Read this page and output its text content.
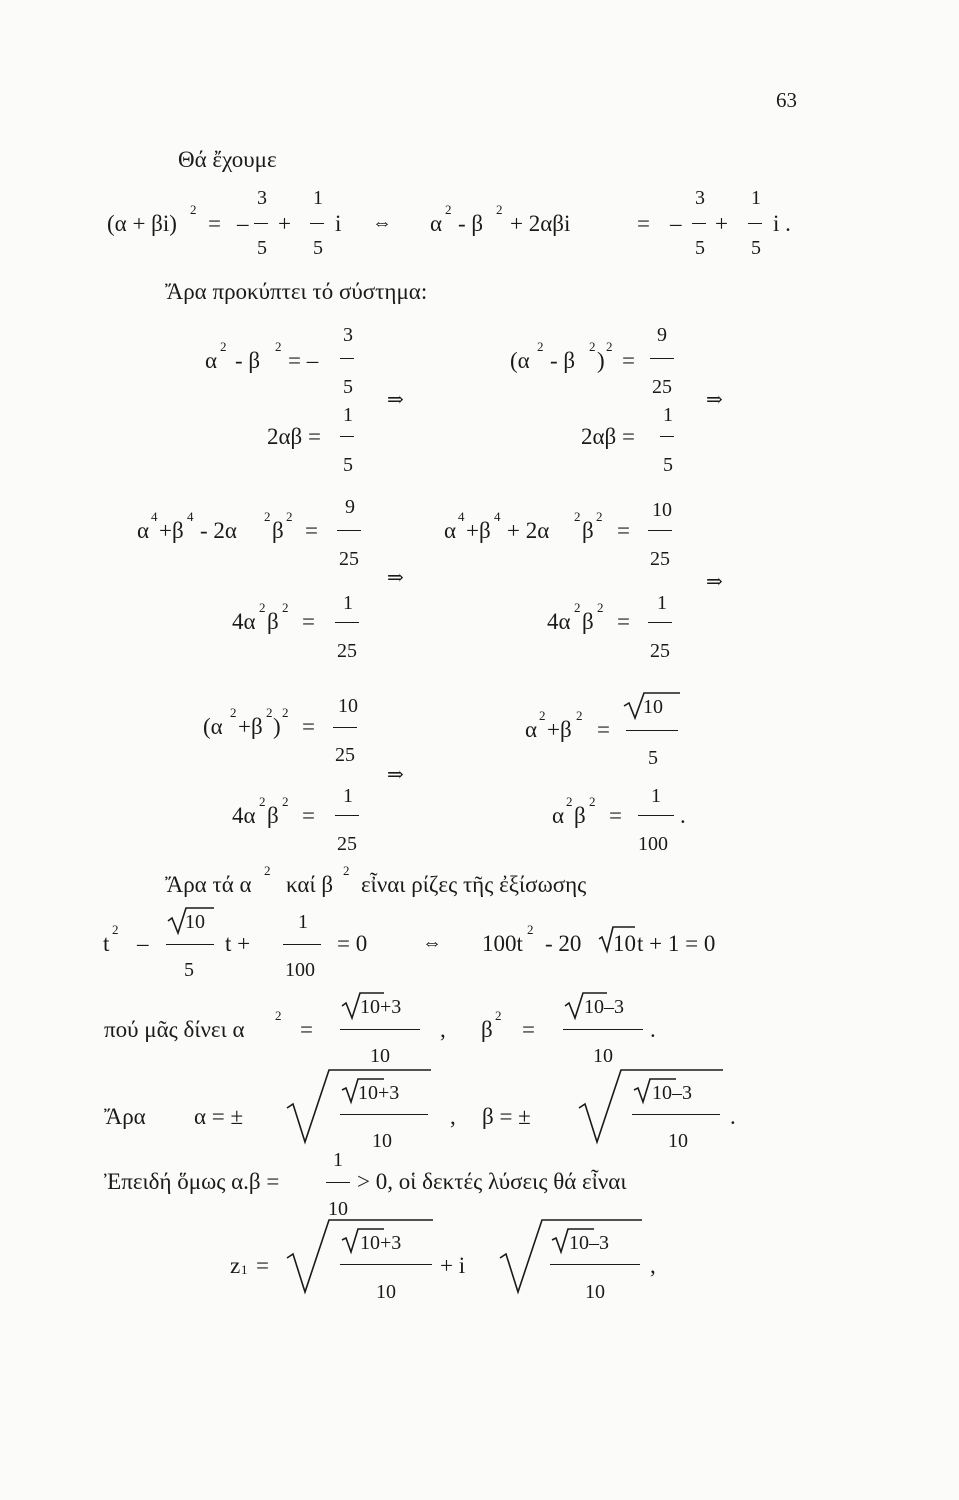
63
Θά ἔχουμε
(α + βi)
2
= –
3
5
+
1
5
i ⇔ α
2
- β
2
+ 2αβi	= –
3
5
+
1
5
i .
Ἄρα προκύπτει τό σύστημα:
α
2
- β
2
= –
3
5
2αβ =
1
5
⇒
(α
2
- β
2
)
2
=
9
25
2αβ =
1
5
⇒
α
4
+β
4
- 2α
2
β
2
=
9
25
4α
2
β
2
=
1
25
⇒
α
4
+β
4
+ 2α
2
β
2
=
10
25
4α
2
β
2
=
1
25
⇒
(α
2
+β
2
)
2
=
10
25
4α
2
β
2
=
1
25
⇒
α
2
+β
2
=
10
5
α
2
β
2
=
1
100
.
Ἄρα τά α
2
καί β
2
εἶναι ρίζες τῆς ἐξίσωσης
t
2
–
10
5
t +
1
100
= 0	⇔ 100t
2
- 20 10 t + 1 = 0
πού μᾶς δίνει α
2
=
10+3
10
, β
2
=
10–3
10
.
Ἄρα α = ±
10+3
10
, β = ±
10–3
10
.
Ἐπειδή ὅμως α.β =
1
10
> 0, οἱ δεκτές λύσεις θά εἶναι
z 1 =
10+3
10
+ i
10–3
10
,
